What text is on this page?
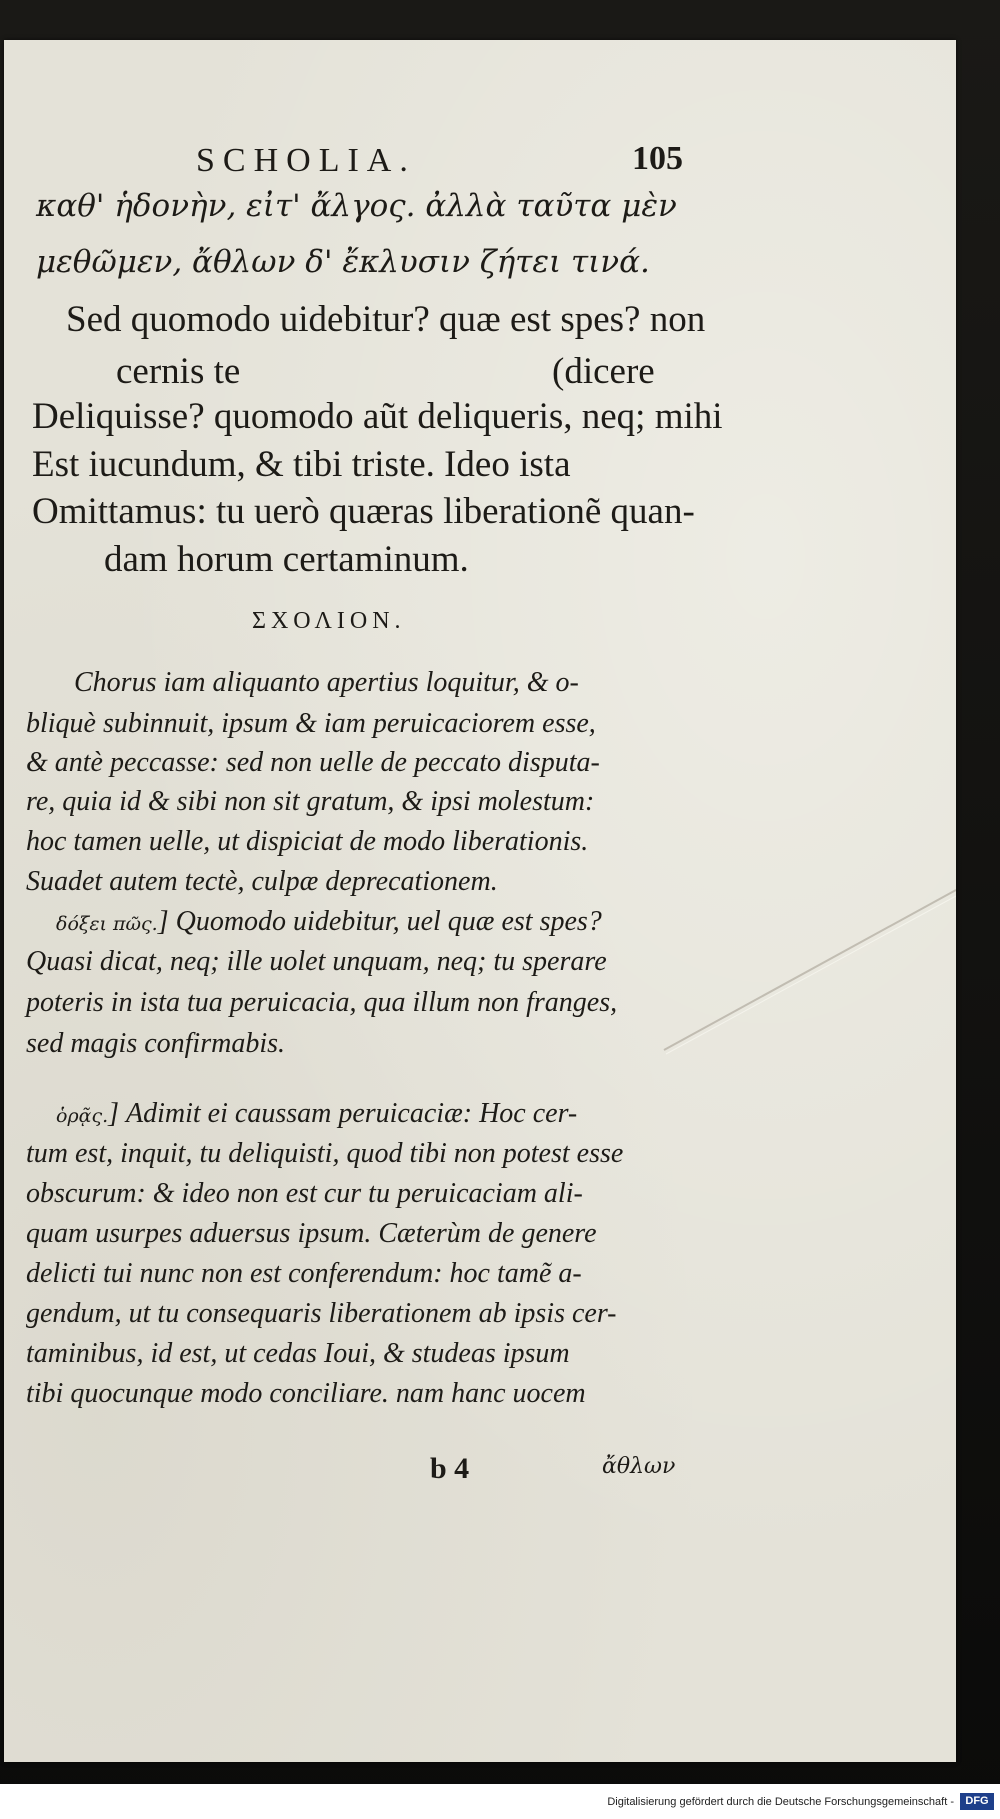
SCHOLIA.	105
καθ' ἡδονὴν, εἰτ' ἄλγος. ἀλλὰ ταῦτα μὲν
μεθῶμεν, ἄθλων δ' ἔκλυσιν ζήτει τινά.
Sed quomodo uidebitur? quæ est spes? non
cernis te	(dicere
Deliquisse? quomodo aũt deliqueris, neq; mihi
Est iucundum, & tibi triste. Ideo ista
Omittamus: tu uerò quæras liberationẽ quan-
dam horum certaminum.
ΣΧΟΛΙΟΝ.
Chorus iam aliquanto apertius loquitur, & o-
bliquè subinnuit, ipsum & iam peruicaciorem esse,
& antè peccasse: sed non uelle de peccato disputa-
re, quia id & sibi non sit gratum, & ipsi molestum:
hoc tamen uelle, ut dispiciat de modo liberationis.
Suadet autem tectè, culpæ deprecationem.
δόξει πῶς.] Quomodo uidebitur, uel quæ est spes?
Quasi dicat, neq; ille uolet unquam, neq; tu sperare
poteris in ista tua peruicacia, qua illum non franges,
sed magis confirmabis.
ὁρᾷς.] Adimit ei caussam peruicaciæ: Hoc cer-
tum est, inquit, tu deliquisti, quod tibi non potest esse
obscurum: & ideo non est cur tu peruicaciam ali-
quam usurpes aduersus ipsum. Cæterùm de genere
delicti tui nunc non est conferendum: hoc tamẽ a-
gendum, ut tu consequaris liberationem ab ipsis cer-
taminibus, id est, ut cedas Ioui, & studeas ipsum
tibi quocunque modo conciliare. nam hanc uocem
b 4	ἄθλων
Digitalisierung gefördert durch die Deutsche Forschungsgemeinschaft -	DFG
